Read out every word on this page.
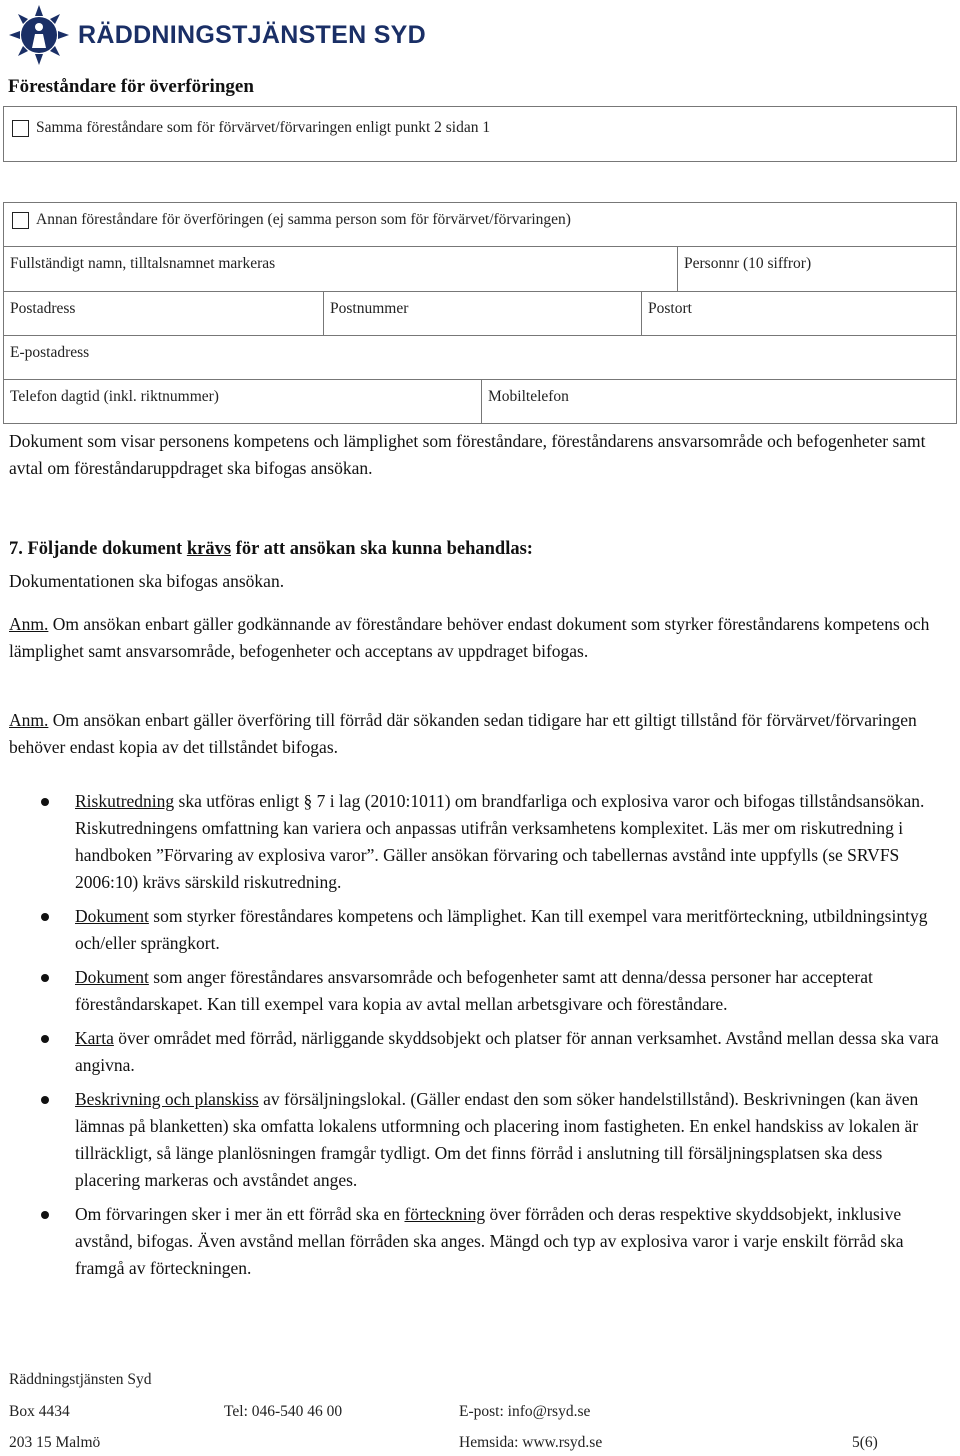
RÄDDNINGSTJÄNSTEN SYD
Föreståndare för överföringen
Samma föreståndare som för förvärvet/förvaringen enligt punkt 2 sidan 1
Annan föreståndare för överföringen (ej samma person som för förvärvet/förvaringen)
Fullständigt namn, tilltalsnamnet markeras	Personnr (10 siffror)
Postadress	Postnummer	Postort
E-postadress
Telefon dagtid (inkl. riktnummer)	Mobiltelefon
Dokument som visar personens kompetens och lämplighet som föreståndare, föreståndarens ansvarsområde och befogenheter samt avtal om föreståndaruppdraget ska bifogas ansökan.
7. Följande dokument krävs för att ansökan ska kunna behandlas:
Dokumentationen ska bifogas ansökan.
Anm. Om ansökan enbart gäller godkännande av föreståndare behöver endast dokument som styrker föreståndarens kompetens och lämplighet samt ansvarsområde, befogenheter och acceptans av uppdraget bifogas.
Anm. Om ansökan enbart gäller överföring till förråd där sökanden sedan tidigare har ett giltigt tillstånd för förvärvet/förvaringen behöver endast kopia av det tillståndet bifogas.
Riskutredning ska utföras enligt § 7 i lag (2010:1011) om brandfarliga och explosiva varor och bifogas tillståndsansökan. Riskutredningens omfattning kan variera och anpassas utifrån verksamhetens komplexitet. Läs mer om riskutredning i handboken ”Förvaring av explosiva varor”. Gäller ansökan förvaring och tabellernas avstånd inte uppfylls (se SRVFS 2006:10) krävs särskild riskutredning.
Dokument som styrker föreståndares kompetens och lämplighet. Kan till exempel vara meritförteckning, utbildningsintyg och/eller sprängkort.
Dokument som anger föreståndares ansvarsområde och befogenheter samt att denna/dessa personer har accepterat föreståndarskapet. Kan till exempel vara kopia av avtal mellan arbetsgivare och föreståndare.
Karta över området med förråd, närliggande skyddsobjekt och platser för annan verksamhet. Avstånd mellan dessa ska vara angivna.
Beskrivning och planskiss av försäljningslokal. (Gäller endast den som söker handelstillstånd). Beskrivningen (kan även lämnas på blanketten) ska omfatta lokalens utformning och placering inom fastigheten. En enkel handskiss av lokalen är tillräckligt, så länge planlösningen framgår tydligt. Om det finns förråd i anslutning till försäljningsplatsen ska dess placering markeras och avståndet anges.
Om förvaringen sker i mer än ett förråd ska en förteckning över förråden och deras respektive skyddsobjekt, inklusive avstånd, bifogas. Även avstånd mellan förråden ska anges. Mängd och typ av explosiva varor i varje enskilt förråd ska framgå av förteckningen.
Räddningstjänsten Syd
Box 4434	Tel: 046-540 46 00	E-post: info@rsyd.se
203 15 Malmö	Hemsida: www.rsyd.se	5(6)
